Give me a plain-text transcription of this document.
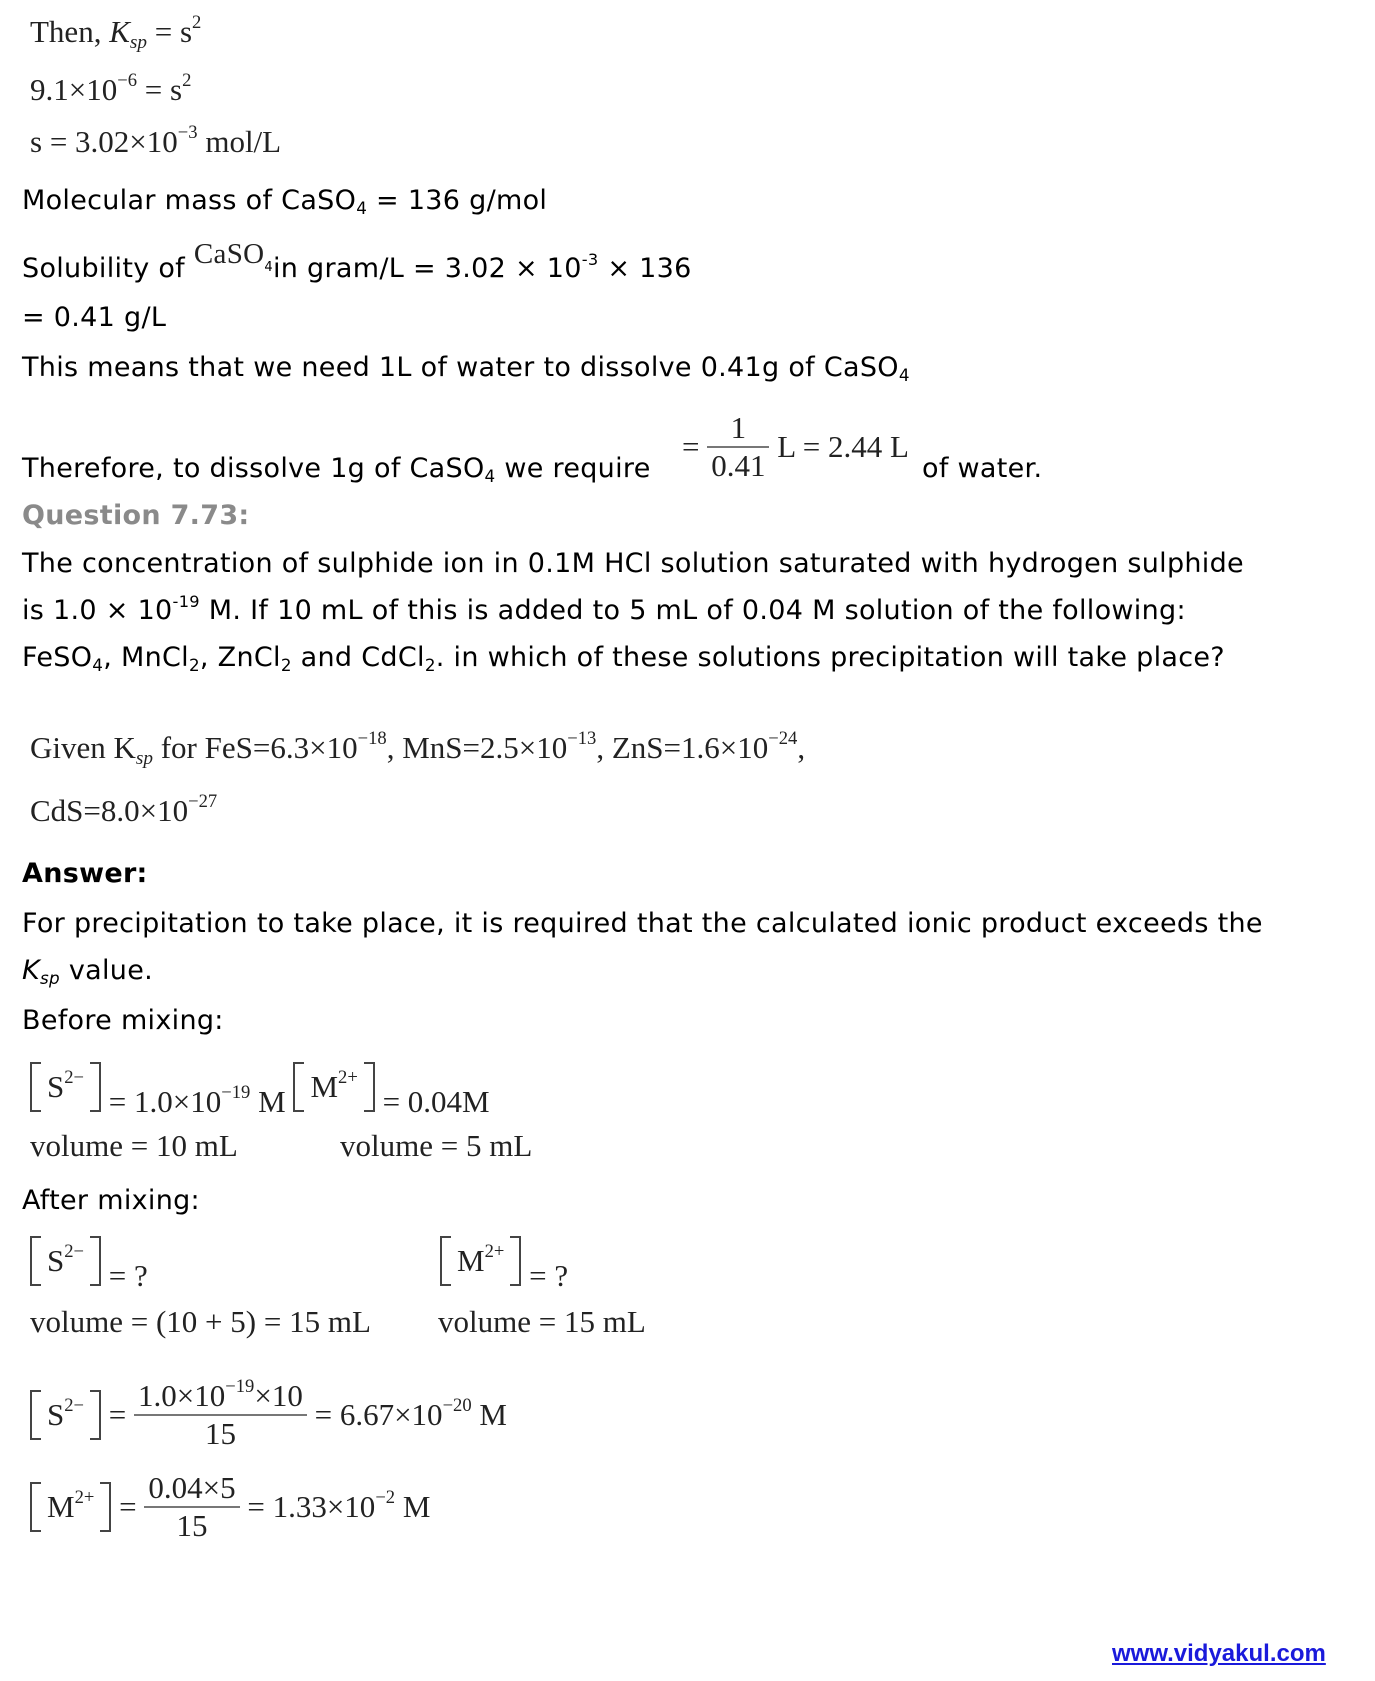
Then, $K_{sp} = s^2$
$9.1\times 10^{-6} = s^2$
$s = 3.02\times 10^{-3}$ mol/L
Molecular mass of CaSO$_4$ = 136 g/mol
Solubility of CaSO$_4$in gram/L = $3.02 \times 10^{-3} \times 136$
= 0.41 g/L
This means that we need 1L of water to dissolve 0.41g of CaSO$_4$
Therefore, to dissolve 1g of CaSO$_4$ we require
= $\frac{1}{0.41}$ L = 2.44 L
of water.
Question 7.73:
The concentration of sulphide ion in 0.1M HCl solution saturated with hydrogen sulphide
is $1.0 \times 10^{-19}$ M. If 10 mL of this is added to 5 mL of 0.04 M solution of the following:
FeSO$_4$, MnCl$_2$, ZnCl$_2$ and CdCl$_2$. in which of these solutions precipitation will take place?
Given $K_{sp}$ for $FeS=6.3\times 10^{-18}$, $MnS=2.5\times 10^{-13}$, $ZnS=1.6\times 10^{-24}$,
$CdS=8.0\times 10^{-27}$
Answer:
For precipitation to take place, it is required that the calculated ionic product exceeds the
$K_{sp}$ value.
Before mixing:
$S^{2-}$
= $1.0\times 10^{-19}$ M $M^{2+}$
= 0.04M
volume = 10 mL	volume = 5 mL
After mixing:
$S^{2-}$
= ?	$M^{2+}$
= ?
volume = (10 + 5) = 15 mL volume = 15 mL
$S^{2-} = \frac{1.0\times 10^{-19}\times 10}{15} = 6.67\times 10^{-20}$ M
$M^{2+} = \frac{0.04\times 5}{15} = 1.33\times 10^{-2}$ M
www.vidyakul.com
